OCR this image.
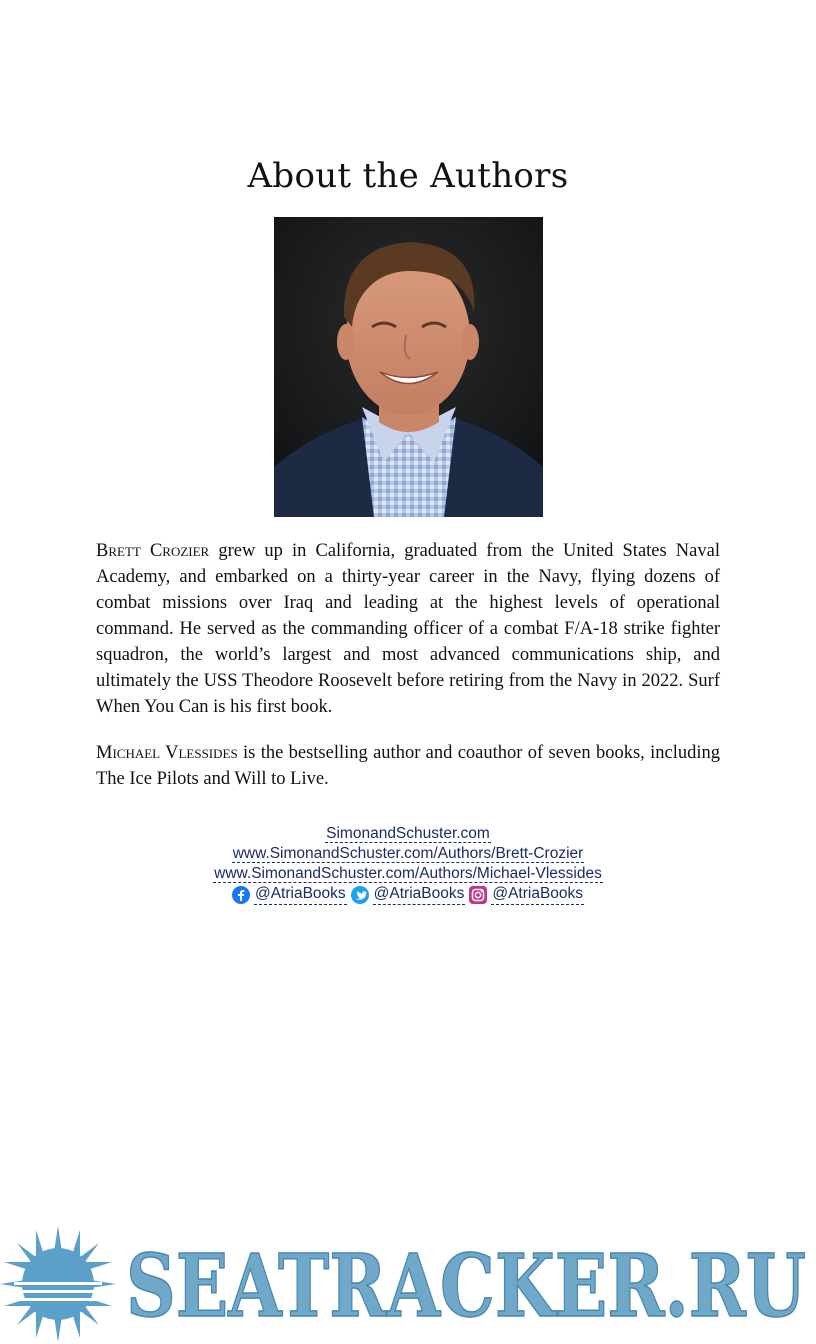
About the Authors

Brett Crozier grew up in California, graduated from the United States Naval Academy, and embarked on a thirty-year career in the Navy, flying dozens of combat missions over Iraq and leading at the highest levels of operational command. He served as the commanding officer of a combat F/A-18 strike fighter squadron, the world’s largest and most advanced communications ship, and ultimately the USS Theodore Roosevelt before retiring from the Navy in 2022. Surf When You Can is his first book.

Michael Vlessides is the bestselling author and coauthor of seven books, including The Ice Pilots and Will to Live.

SimonandSchuster.com
www.SimonandSchuster.com/Authors/Brett-Crozier
www.SimonandSchuster.com/Authors/Michael-Vlessides
@AtriaBooks @AtriaBooks @AtriaBooks
SEATRACKER.RU
